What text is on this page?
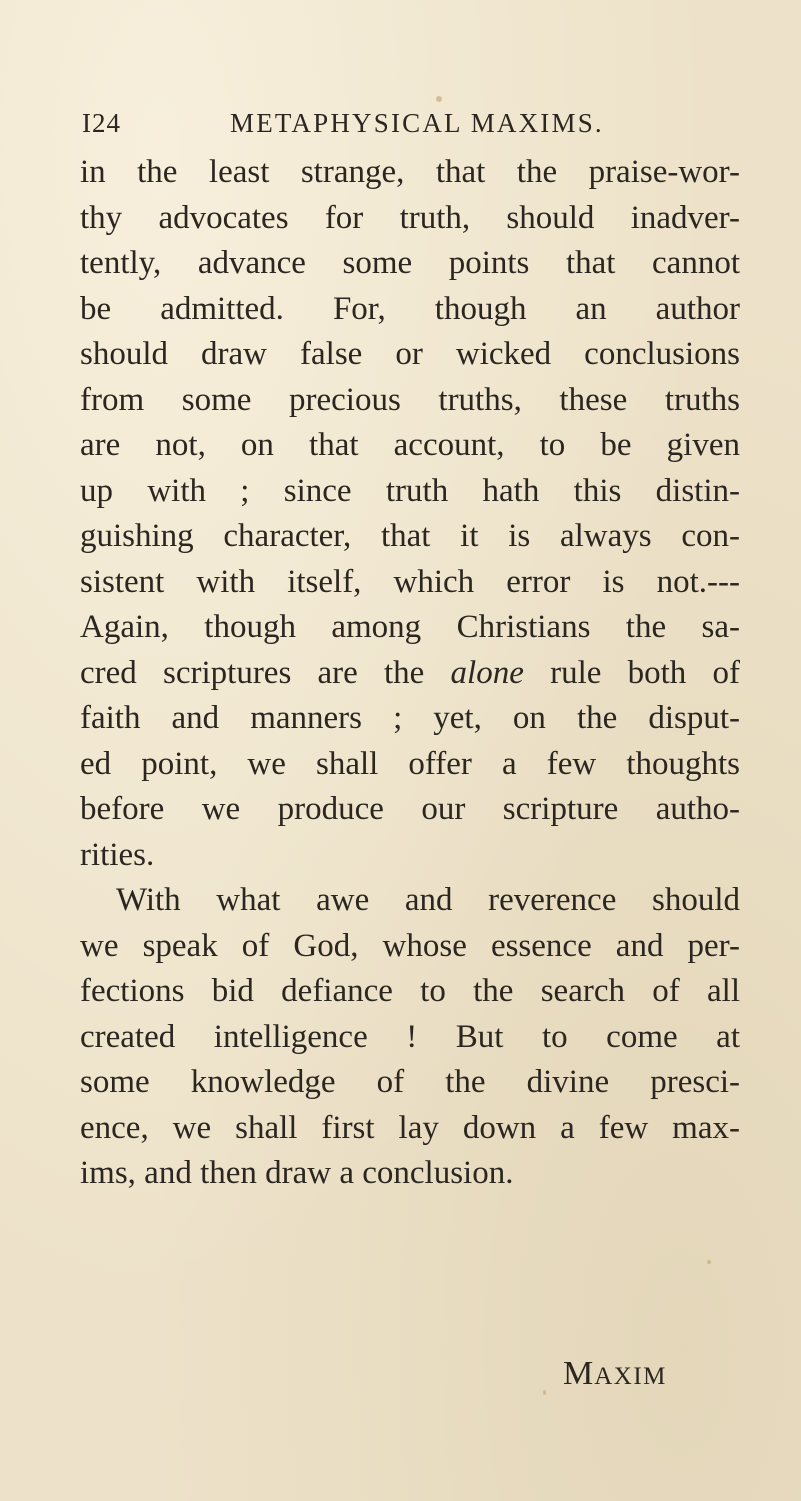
I24	METAPHYSICAL MAXIMS.
in the least strange, that the praise-wor-
thy advocates for truth, should inadver-
tently, advance some points that cannot
be admitted. For, though an author
should draw false or wicked conclusions
from some precious truths, these truths
are not, on that account, to be given
up with ; since truth hath this distin-
guishing character, that it is always con-
sistent with itself, which error is not.---
Again, though among Christians the sa-
cred scriptures are the alone rule both of
faith and manners ; yet, on the disput-
ed point, we shall offer a few thoughts
before we produce our scripture autho-
rities.
With what awe and reverence should
we speak of God, whose essence and per-
fections bid defiance to the search of all
created intelligence ! But to come at
some knowledge of the divine presci-
ence, we shall first lay down a few max-
ims, and then draw a conclusion.
MAXIM
